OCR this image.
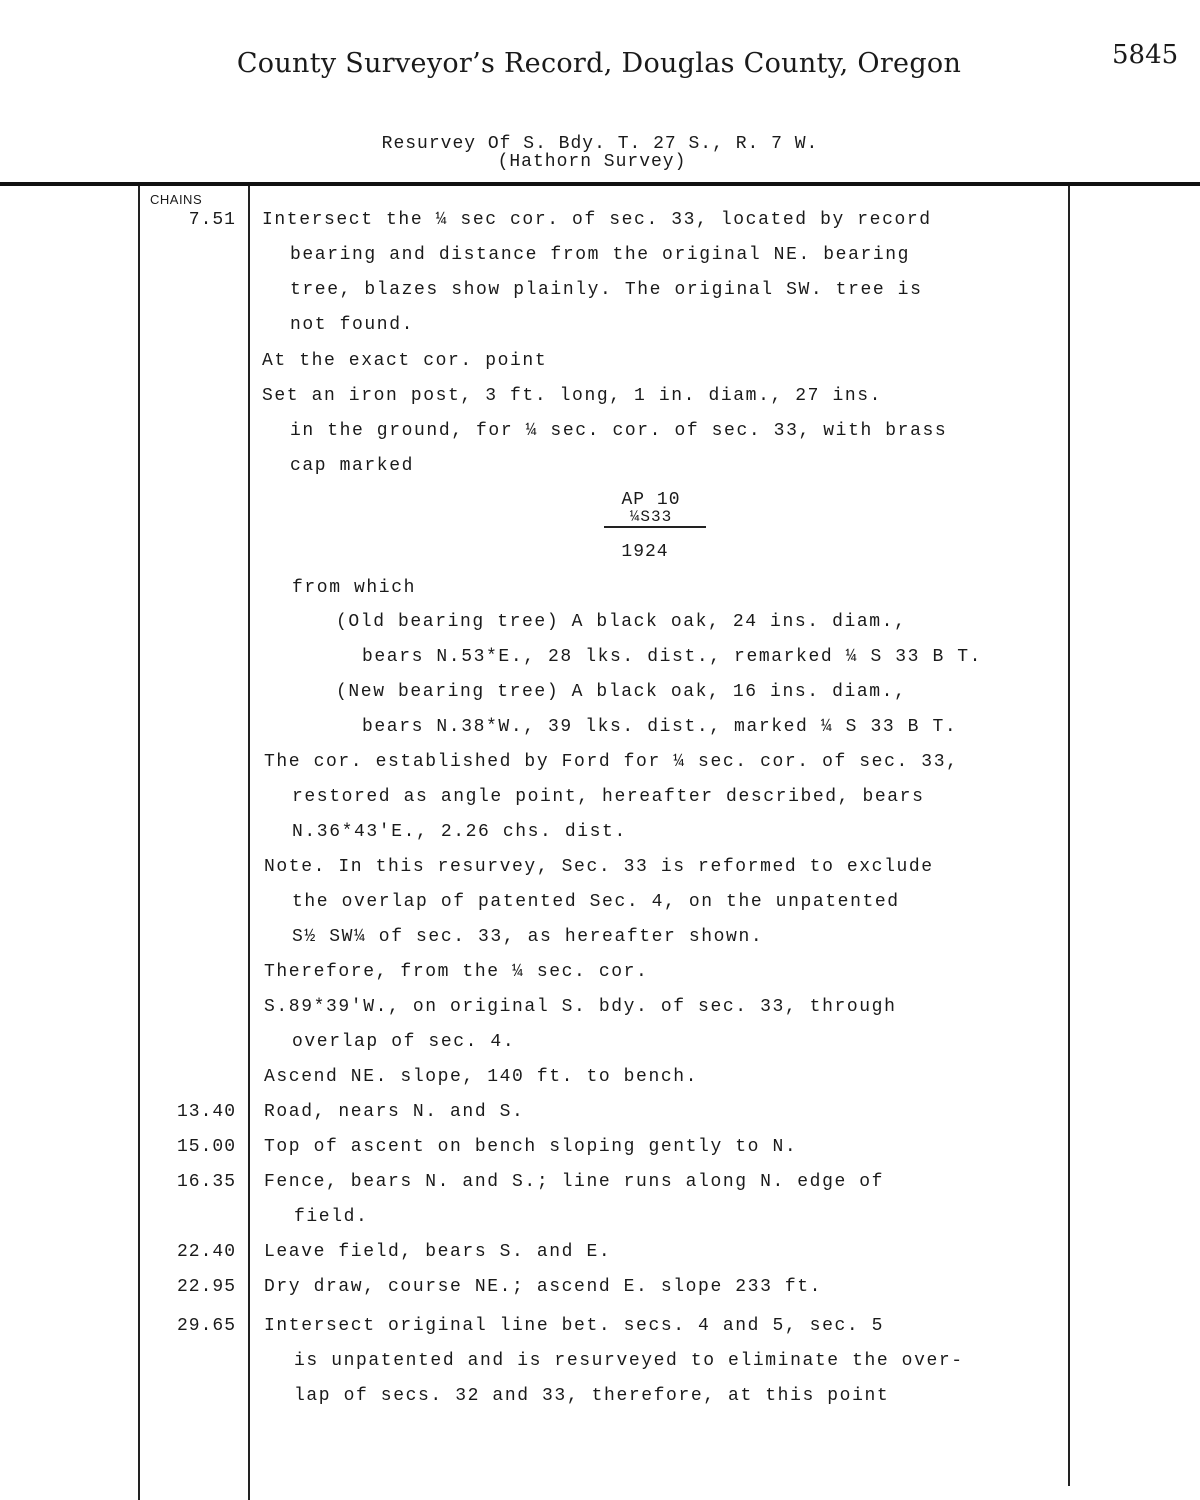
County Surveyor’s Record, Douglas County, Oregon	5845
Resurvey Of S. Bdy. T. 27 S., R. 7 W.
(Hathorn Survey)
CHAINS
7.51
13.40
15.00
16.35
22.40
22.95
29.65
Intersect the ¼ sec cor. of sec. 33, located by record
bearing and distance from the original NE. bearing
tree, blazes show plainly. The original SW. tree is
not found.
At the exact cor. point
Set an iron post, 3 ft. long, 1 in. diam., 27 ins.
in the ground, for ¼ sec. cor. of sec. 33, with brass
cap marked
AP 10
¼S33
1924
from which
(Old bearing tree) A black oak, 24 ins. diam.,
bears N.53*E., 28 lks. dist., remarked ¼ S 33 B T.
(New bearing tree) A black oak, 16 ins. diam.,
bears N.38*W., 39 lks. dist., marked ¼ S 33 B T.
The cor. established by Ford for ¼ sec. cor. of sec. 33,
restored as angle point, hereafter described, bears
N.36*43'E., 2.26 chs. dist.
Note. In this resurvey, Sec. 33 is reformed to exclude
the overlap of patented Sec. 4, on the unpatented
S½ SW¼ of sec. 33, as hereafter shown.
Therefore, from the ¼ sec. cor.
S.89*39'W., on original S. bdy. of sec. 33, through
overlap of sec. 4.
Ascend NE. slope, 140 ft. to bench.
Road, nears N. and S.
Top of ascent on bench sloping gently to N.
Fence, bears N. and S.; line runs along N. edge of
field.
Leave field, bears S. and E.
Dry draw, course NE.; ascend E. slope 233 ft.
Intersect original line bet. secs. 4 and 5, sec. 5
is unpatented and is resurveyed to eliminate the over-
lap of secs. 32 and 33, therefore, at this point
